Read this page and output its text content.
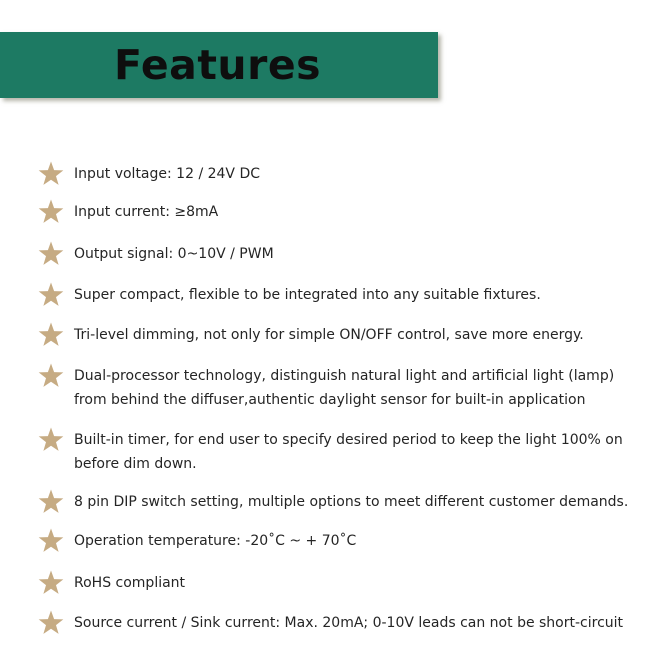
Features
Input voltage: 12 / 24V DC
Input current: ≥8mA
Output signal: 0~10V / PWM
Super compact, flexible to be integrated into any suitable fixtures.
Tri-level dimming, not only for simple ON/OFF control, save more energy.
Dual-processor technology, distinguish natural light and artificial light (lamp)
from behind the diffuser,authentic daylight sensor for built-in application
Built-in timer, for end user to specify desired period to keep the light 100% on
before dim down.
8 pin DIP switch setting, multiple options to meet different customer demands.
Operation temperature: -20˚C ~ + 70˚C
RoHS compliant
Source current / Sink current: Max. 20mA; 0-10V leads can not be short-circuit
